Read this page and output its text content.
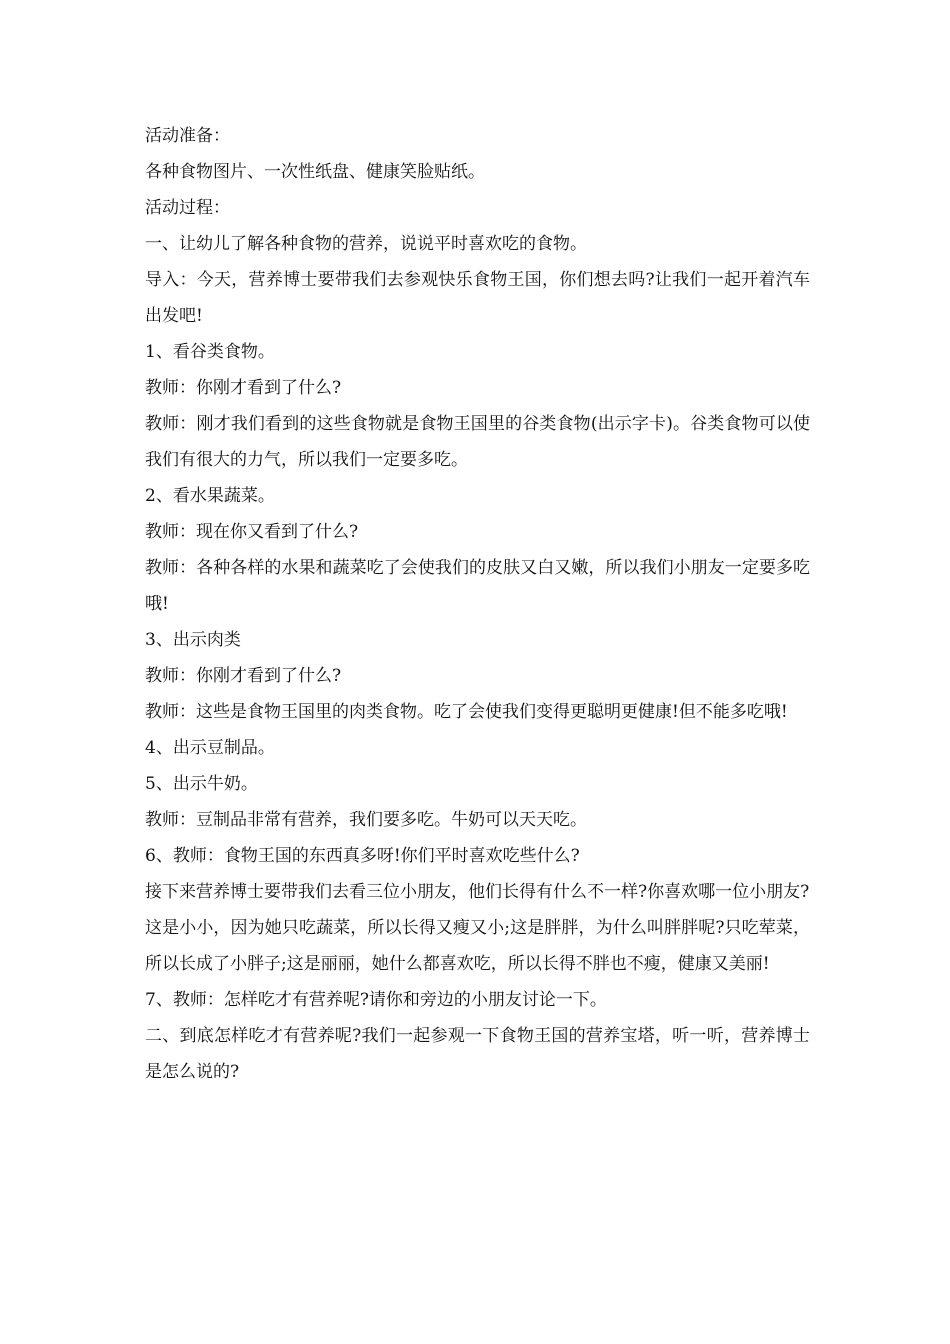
活动准备：

各种食物图片、一次性纸盘、健康笑脸贴纸。

活动过程：

一、让幼儿了解各种食物的营养，说说平时喜欢吃的食物。

导入：今天，营养博士要带我们去参观快乐食物王国，你们想去吗?让我们一起开着汽车出发吧!

1、看谷类食物。

教师：你刚才看到了什么?

教师：刚才我们看到的这些食物就是食物王国里的谷类食物(出示字卡)。谷类食物可以使我们有很大的力气，所以我们一定要多吃。

2、看水果蔬菜。

教师：现在你又看到了什么?

教师：各种各样的水果和蔬菜吃了会使我们的皮肤又白又嫩，所以我们小朋友一定要多吃哦!

3、出示肉类

教师：你刚才看到了什么?

教师：这些是食物王国里的肉类食物。吃了会使我们变得更聪明更健康!但不能多吃哦!

4、出示豆制品。

5、出示牛奶。

教师：豆制品非常有营养，我们要多吃。牛奶可以天天吃。

6、教师：食物王国的东西真多呀!你们平时喜欢吃些什么?

接下来营养博士要带我们去看三位小朋友，他们长得有什么不一样?你喜欢哪一位小朋友?

这是小小，因为她只吃蔬菜，所以长得又瘦又小;这是胖胖，为什么叫胖胖呢?只吃荤菜，所以长成了小胖子;这是丽丽，她什么都喜欢吃，所以长得不胖也不瘦，健康又美丽!

7、教师：怎样吃才有营养呢?请你和旁边的小朋友讨论一下。

二、到底怎样吃才有营养呢?我们一起参观一下食物王国的营养宝塔，听一听，营养博士是怎么说的?
